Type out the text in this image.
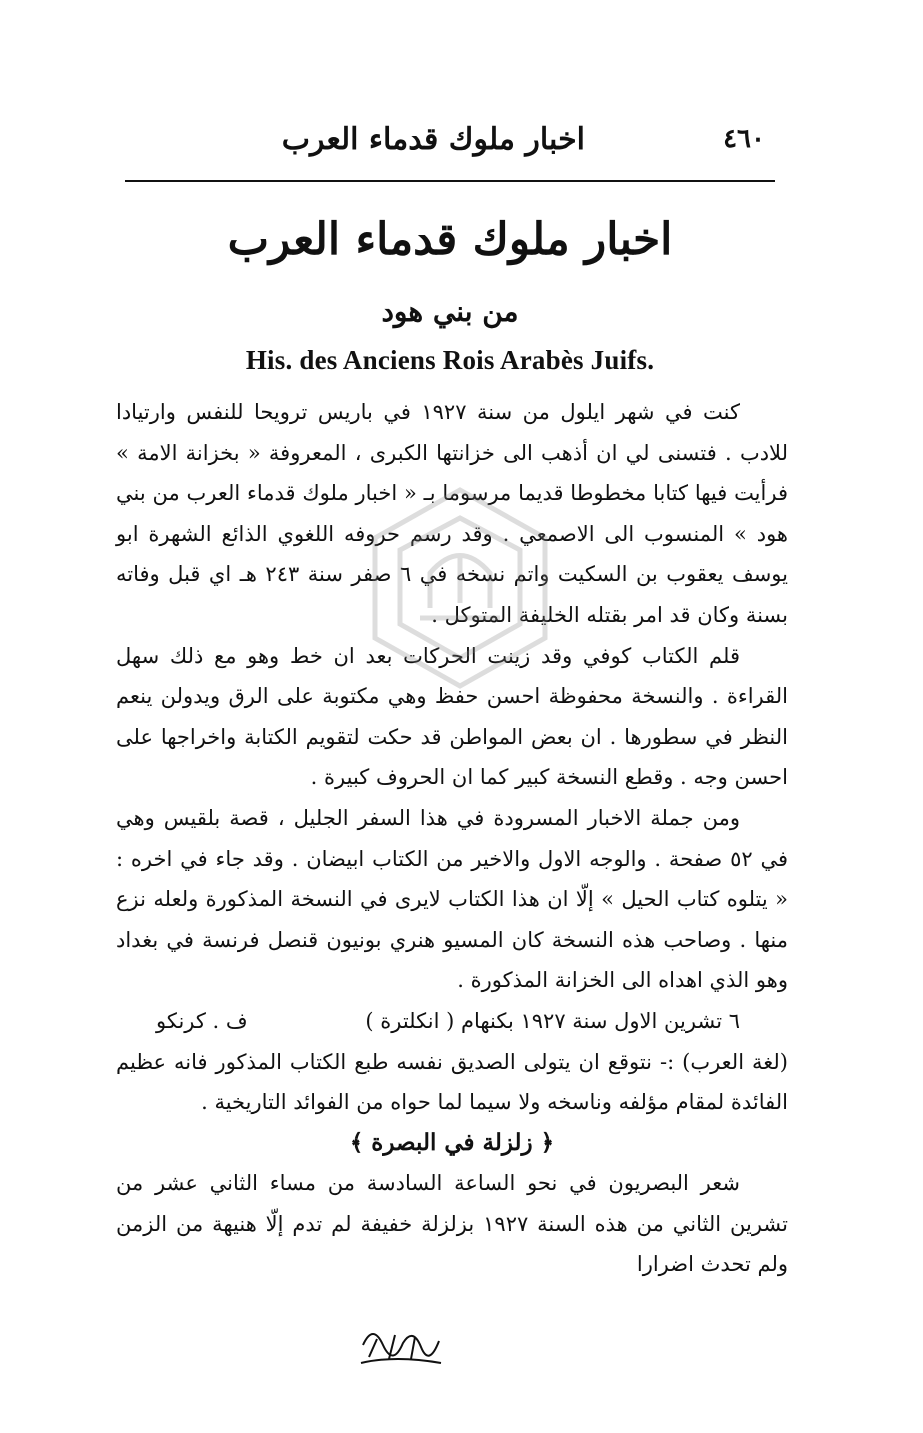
٤٦٠
اخبار ملوك قدماء العرب
اخبار ملوك قدماء العرب
من بني هود
His. des Anciens Rois Arabès Juifs.

كنت في شهر ايلول من سنة ١٩٢٧ في باريس ترويحا للنفس وارتيادا للادب . فتسنى لي ان أذهب الى خزانتها الكبرى ، المعروفة « بخزانة الامة » فرأيت فيها كتابا مخطوطا قديما مرسوما بـ « اخبار ملوك قدماء العرب من بني هود » المنسوب الى الاصمعي . وقد رسم حروفه اللغوي الذائع الشهرة ابو يوسف يعقوب بن السكيت واتم نسخه في ٦ صفر سنة ٢٤٣ هـ اي قبل وفاته بسنة وكان قد امر بقتله الخليفة المتوكل .

قلم الكتاب كوفي وقد زينت الحركات بعد ان خط وهو مع ذلك سهل القراءة . والنسخة محفوظة احسن حفظ وهي مكتوبة على الرق ويدولن ينعم النظر في سطورها . ان بعض المواطن قد حكت لتقويم الكتابة واخراجها على احسن وجه . وقطع النسخة كبير كما ان الحروف كبيرة .

ومن جملة الاخبار المسرودة في هذا السفر الجليل ، قصة بلقيس وهي في ٥٢ صفحة . والوجه الاول والاخير من الكتاب ابيضان . وقد جاء في اخره : « يتلوه كتاب الحيل » إلّا ان هذا الكتاب لايرى في النسخة المذكورة ولعله نزع منها . وصاحب هذه النسخة كان المسيو هنري بونيون قنصل فرنسة في بغداد وهو الذي اهداه الى الخزانة المذكورة .

٦ تشرين الاول سنة ١٩٢٧ بكنهام ( انكلترة )
ف . كرنكو

(لغة العرب) :- نتوقع ان يتولى الصديق نفسه طبع الكتاب المذكور فانه عظيم الفائدة لمقام مؤلفه وناسخه ولا سيما لما حواه من الفوائد التاريخية .

﴿ زلزلة في البصرة ﴾

شعر البصريون في نحو الساعة السادسة من مساء الثاني عشر من تشرين الثاني من هذه السنة ١٩٢٧ بزلزلة خفيفة لم تدم إلّا هنيهة من الزمن ولم تحدث اضرارا
